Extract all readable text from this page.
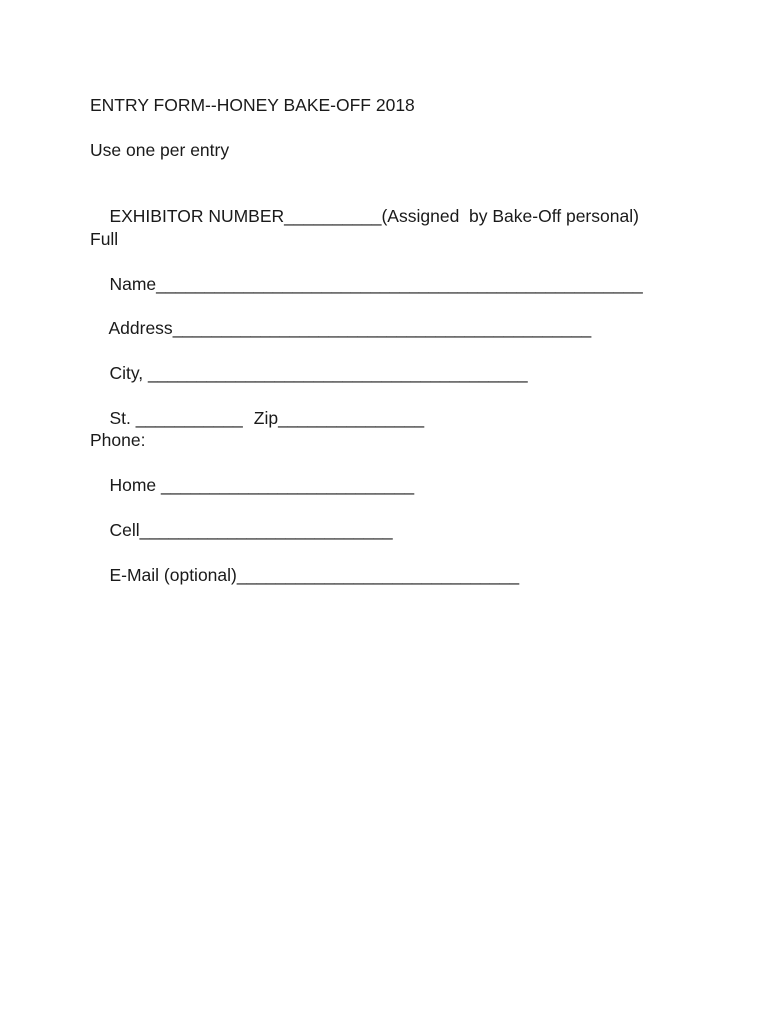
ENTRY FORM--HONEY BAKE-OFF 2018
Use one per entry

EXHIBITOR NUMBER__________(Assigned  by Bake-Off personal)

Full

Name__________________________________________________

Address___________________________________________

City, _______________________________________

St. ___________ Zip_______________

Phone:

Home __________________________

Cell__________________________

E-Mail (optional)_____________________________
